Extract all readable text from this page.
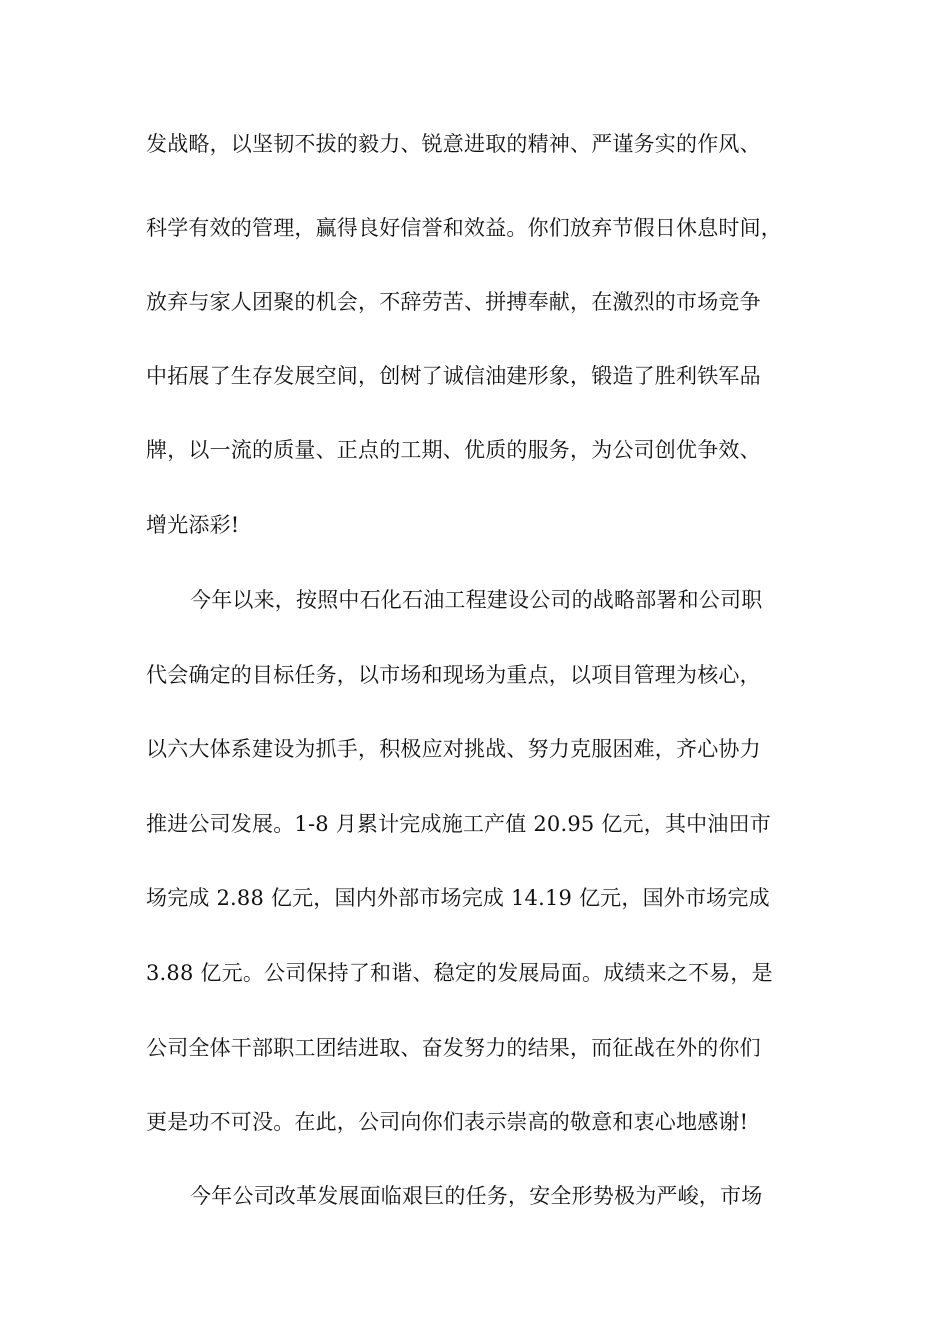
发战略，以坚韧不拔的毅力、锐意进取的精神、严谨务实的作风、
科学有效的管理，赢得良好信誉和效益。你们放弃节假日休息时间，
放弃与家人团聚的机会，不辞劳苦、拼搏奉献，在激烈的市场竞争
中拓展了生存发展空间，创树了诚信油建形象，锻造了胜利铁军品
牌，以一流的质量、正点的工期、优质的服务，为公司创优争效、
增光添彩!
今年以来，按照中石化石油工程建设公司的战略部署和公司职
代会确定的目标任务，以市场和现场为重点，以项目管理为核心，
以六大体系建设为抓手，积极应对挑战、努力克服困难，齐心协力
推进公司发展。1-8 月累计完成施工产值 20.95 亿元，其中油田市
场完成 2.88 亿元，国内外部市场完成 14.19 亿元，国外市场完成
3.88 亿元。公司保持了和谐、稳定的发展局面。成绩来之不易，是
公司全体干部职工团结进取、奋发努力的结果，而征战在外的你们
更是功不可没。在此，公司向你们表示崇高的敬意和衷心地感谢!
今年公司改革发展面临艰巨的任务，安全形势极为严峻，市场
